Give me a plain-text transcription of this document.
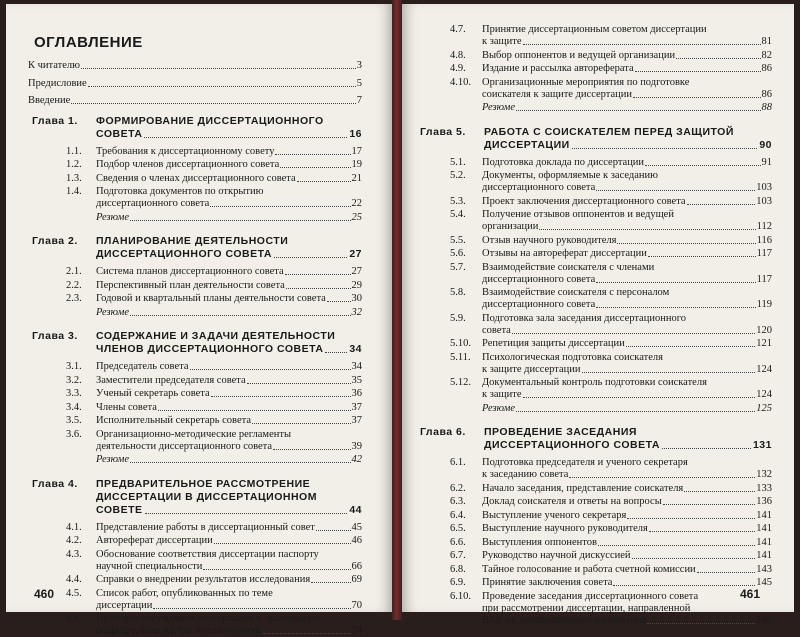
ОГЛАВЛЕНИЕ
460
К читателю	3
Предисловие	5
Введение	7
Глава 1.	ФОРМИРОВАНИЕ ДИССЕРТАЦИОННОГО
СОВЕТА	16
1.1.	Требования к диссертационному совету	17
1.2.	Подбор членов диссертационного совета	19
1.3.	Сведения о членах диссертационного совета	21
1.4.	Подготовка документов по открытию
диссертационного совета	22
Резюме	25
Глава 2.	ПЛАНИРОВАНИЕ ДЕЯТЕЛЬНОСТИ
ДИССЕРТАЦИОННОГО СОВЕТА	27
2.1.	Система планов диссертационного совета	27
2.2.	Перспективный план деятельности совета	29
2.3.	Годовой и квартальный планы деятельности совета 30
Резюме	32
Глава 3.	СОДЕРЖАНИЕ И ЗАДАЧИ ДЕЯТЕЛЬНОСТИ
ЧЛЕНОВ ДИССЕРТАЦИОННОГО СОВЕТА 34
3.1.	Председатель совета	34
3.2.	Заместители председателя совета	35
3.3.	Ученый секретарь совета	36
3.4.	Члены совета	37
3.5.	Исполнительный секретарь совета	37
3.6.	Организационно-методические регламенты
деятельности диссертационного совета	39
Резюме	42
Глава 4.	ПРЕДВАРИТЕЛЬНОЕ РАССМОТРЕНИЕ
ДИССЕРТАЦИИ В ДИССЕРТАЦИОННОМ
СОВЕТЕ	44
4.1.	Представление работы в диссертационный совет	45
4.2.	Автореферат диссертации	46
4.3.	Обоснование соответствия диссертации паспорту
научной специальности	66
4.4.	Справки о внедрении результатов исследования	69
4.5.	Список работ, опубликованных по теме
диссертации	70
4.6.	Протокол обсуждения диссертации в организации
(кафедре, отделе), где она выполнена	74
461
4.7.	Принятие диссертационным советом диссертации
к защите	81
4.8.	Выбор оппонентов и ведущей организации	82
4.9.	Издание и рассылка автореферата	86
4.10.	Организационные мероприятия по подготовке
соискателя к защите диссертации	86
Резюме	88
Глава 5.	РАБОТА С СОИСКАТЕЛЕМ ПЕРЕД ЗАЩИТОЙ
ДИССЕРТАЦИИ	90
5.1.	Подготовка доклада по диссертации	91
5.2.	Документы, оформляемые к заседанию
диссертационного совета	103
5.3.	Проект заключения диссертационного совета	103
5.4.	Получение отзывов оппонентов и ведущей
организации	112
5.5.	Отзыв научного руководителя	116
5.6.	Отзывы на автореферат диссертации	117
5.7.	Взаимодействие соискателя с членами
диссертационного совета	117
5.8.	Взаимодействие соискателя с персоналом
диссертационного совета	119
5.9.	Подготовка зала заседания диссертационного
совета	120
5.10.	Репетиция защиты диссертации	121
5.11.	Психологическая подготовка соискателя
к защите диссертации	124
5.12.	Документальный контроль подготовки соискателя
к защите	124
Резюме	125
Глава 6.	ПРОВЕДЕНИЕ ЗАСЕДАНИЯ
ДИССЕРТАЦИОННОГО СОВЕТА	131
6.1.	Подготовка председателя и ученого секретаря
к заседанию совета	132
6.2.	Начало заседания, представление соискателя	133
6.3.	Доклад соискателя и ответы на вопросы	136
6.4.	Выступление ученого секретаря	141
6.5.	Выступление научного руководителя	141
6.6.	Выступления оппонентов	141
6.7.	Руководство научной дискуссией	141
6.8.	Тайное голосование и работа счетной комиссии	143
6.9.	Принятие заключения совета	145
6.10.	Проведение заседания диссертационного совета
при рассмотрении диссертации, направленной
ВАК на дополнительное заключение	146
